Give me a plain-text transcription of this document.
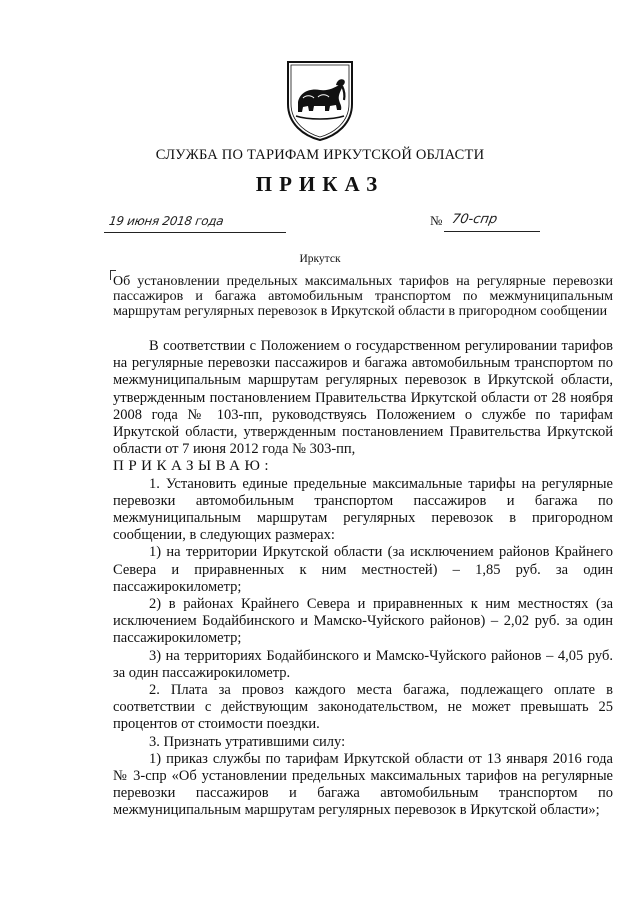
СЛУЖБА ПО ТАРИФАМ ИРКУТСКОЙ ОБЛАСТИ
ПРИКАЗ
19 июня 2018 года	№ 70-спр
Иркутск
Об установлении предельных максимальных тарифов на регулярные перевозки пассажиров и багажа автомобильным транспортом по межмуниципальным маршрутам регулярных перевозок в Иркутской области в пригородном сообщении

В соответствии с Положением о государственном регулировании тарифов на регулярные перевозки пассажиров и багажа автомобильным транспортом по межмуниципальным маршрутам регулярных перевозок в Иркутской области, утвержденным постановлением Правительства Иркутской области от 28 ноября 2008 года № 103-пп, руководствуясь Положением о службе по тарифам Иркутской области, утвержденным постановлением Правительства Иркутской области от 7 июня 2012 года № 303-пп,

ПРИКАЗЫВАЮ:

1. Установить единые предельные максимальные тарифы на регулярные перевозки автомобильным транспортом пассажиров и багажа по межмуниципальным маршрутам регулярных перевозок в пригородном сообщении, в следующих размерах:

1) на территории Иркутской области (за исключением районов Крайнего Севера и приравненных к ним местностей) – 1,85 руб. за один пассажирокилометр;

2) в районах Крайнего Севера и приравненных к ним местностях (за исключением Бодайбинского и Мамско-Чуйского районов) – 2,02 руб. за один пассажирокилометр;

3) на территориях Бодайбинского и Мамско-Чуйского районов – 4,05 руб. за один пассажирокилометр.

2. Плата за провоз каждого места багажа, подлежащего оплате в соответствии с действующим законодательством, не может превышать 25 процентов от стоимости поездки.

3. Признать утратившими силу:

1) приказ службы по тарифам Иркутской области от 13 января 2016 года № 3-спр «Об установлении предельных максимальных тарифов на регулярные перевозки пассажиров и багажа автомобильным транспортом по межмуниципальным маршрутам регулярных перевозок в Иркутской области»;
